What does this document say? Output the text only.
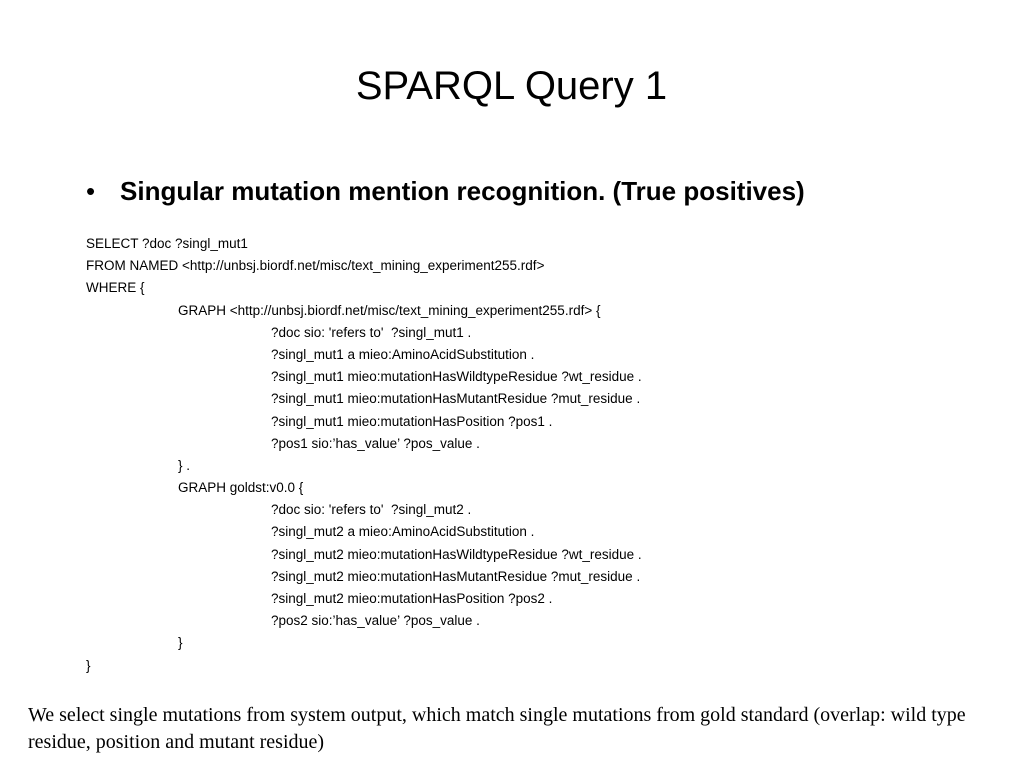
SPARQL Query 1
• Singular mutation mention recognition. (True positives)
SELECT ?doc ?singl_mut1
FROM NAMED <http://unbsj.biordf.net/misc/text_mining_experiment255.rdf>
WHERE {
GRAPH <http://unbsj.biordf.net/misc/text_mining_experiment255.rdf> {
?doc sio: 'refers to'  ?singl_mut1 .
?singl_mut1 a mieo:AminoAcidSubstitution .
?singl_mut1 mieo:mutationHasWildtypeResidue ?wt_residue .
?singl_mut1 mieo:mutationHasMutantResidue ?mut_residue .
?singl_mut1 mieo:mutationHasPosition ?pos1 .
?pos1 sio:’has_value’ ?pos_value .
} .
GRAPH goldst:v0.0 {
?doc sio: 'refers to'  ?singl_mut2 .
?singl_mut2 a mieo:AminoAcidSubstitution .
?singl_mut2 mieo:mutationHasWildtypeResidue ?wt_residue .
?singl_mut2 mieo:mutationHasMutantResidue ?mut_residue .
?singl_mut2 mieo:mutationHasPosition ?pos2 .
?pos2 sio:’has_value’ ?pos_value .
}
}

We select single mutations from system output, which match single mutations from gold standard (overlap: wild type residue, position and mutant residue)
